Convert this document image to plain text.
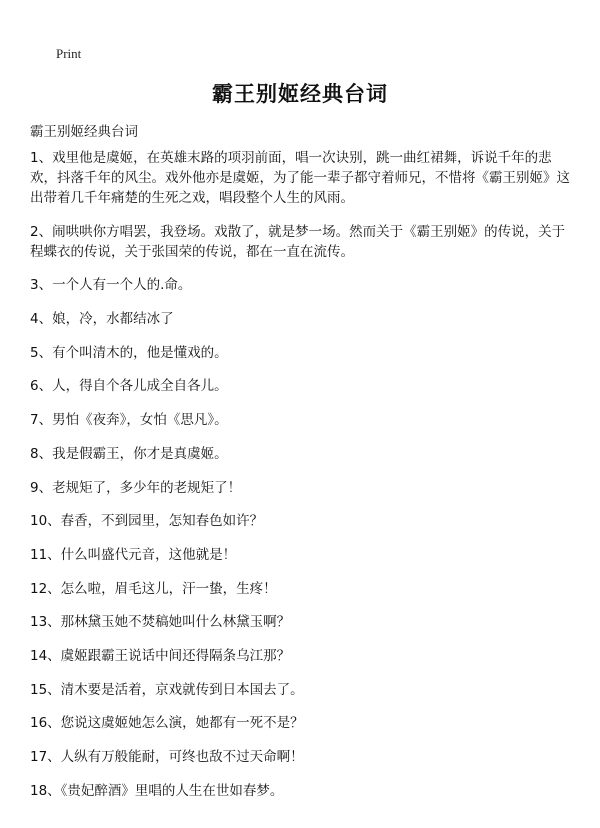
Print
霸王别姬经典台词

霸王别姬经典台词

1、戏里他是虞姬，在英雄末路的项羽前面，唱一次诀别，跳一曲红裙舞，诉说千年的悲欢，抖落千年的风尘。戏外他亦是虞姬，为了能一辈子都守着师兄，不惜将《霸王别姬》这出带着几千年痛楚的生死之戏，唱段整个人生的风雨。
2、闹哄哄你方唱罢，我登场。戏散了，就是梦一场。然而关于《霸王别姬》的传说，关于程蝶衣的传说，关于张国荣的传说，都在一直在流传。
3、一个人有一个人的.命。
4、娘，冷，水都结冰了
5、有个叫清木的，他是懂戏的。
6、人，得自个各儿成全自各儿。
7、男怕《夜奔》，女怕《思凡》。
8、我是假霸王，你才是真虞姬。
9、老规矩了，多少年的老规矩了！
10、春香，不到园里，怎知春色如许？
11、什么叫盛代元音，这他就是！
12、怎么啦，眉毛这儿，汗一蛰，生疼！
13、那林黛玉她不焚稿她叫什么林黛玉啊？
14、虞姬跟霸王说话中间还得隔条乌江那？
15、清木要是活着，京戏就传到日本国去了。
16、您说这虞姬她怎么演，她都有一死不是？
17、人纵有万般能耐，可终也敌不过天命啊！
18、《贵妃醉酒》里唱的人生在世如春梦。
